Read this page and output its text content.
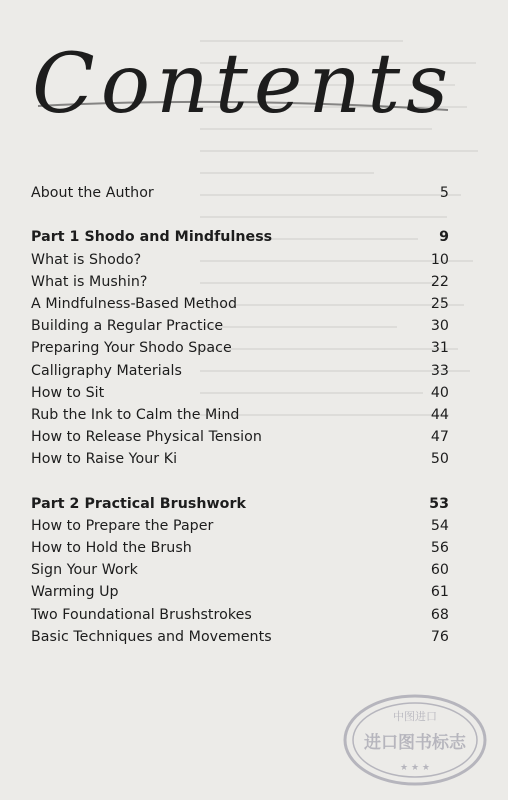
Contents
About the Author	5
Part 1 Shodo and Mindfulness	9
What is Shodo?	10
What is Mushin?	22
A Mindfulness-Based Method	25
Building a Regular Practice	30
Preparing Your Shodo Space	31
Calligraphy Materials	33
How to Sit	40
Rub the Ink to Calm the Mind	44
How to Release Physical Tension	47
How to Raise Your Ki	50
Part 2 Practical Brushwork	53
How to Prepare the Paper	54
How to Hold the Brush	56
Sign Your Work	60
Warming Up	61
Two Foundational Brushstrokes	68
Basic Techniques and Movements	76
中图进口
进口图书标志
★ ★ ★
